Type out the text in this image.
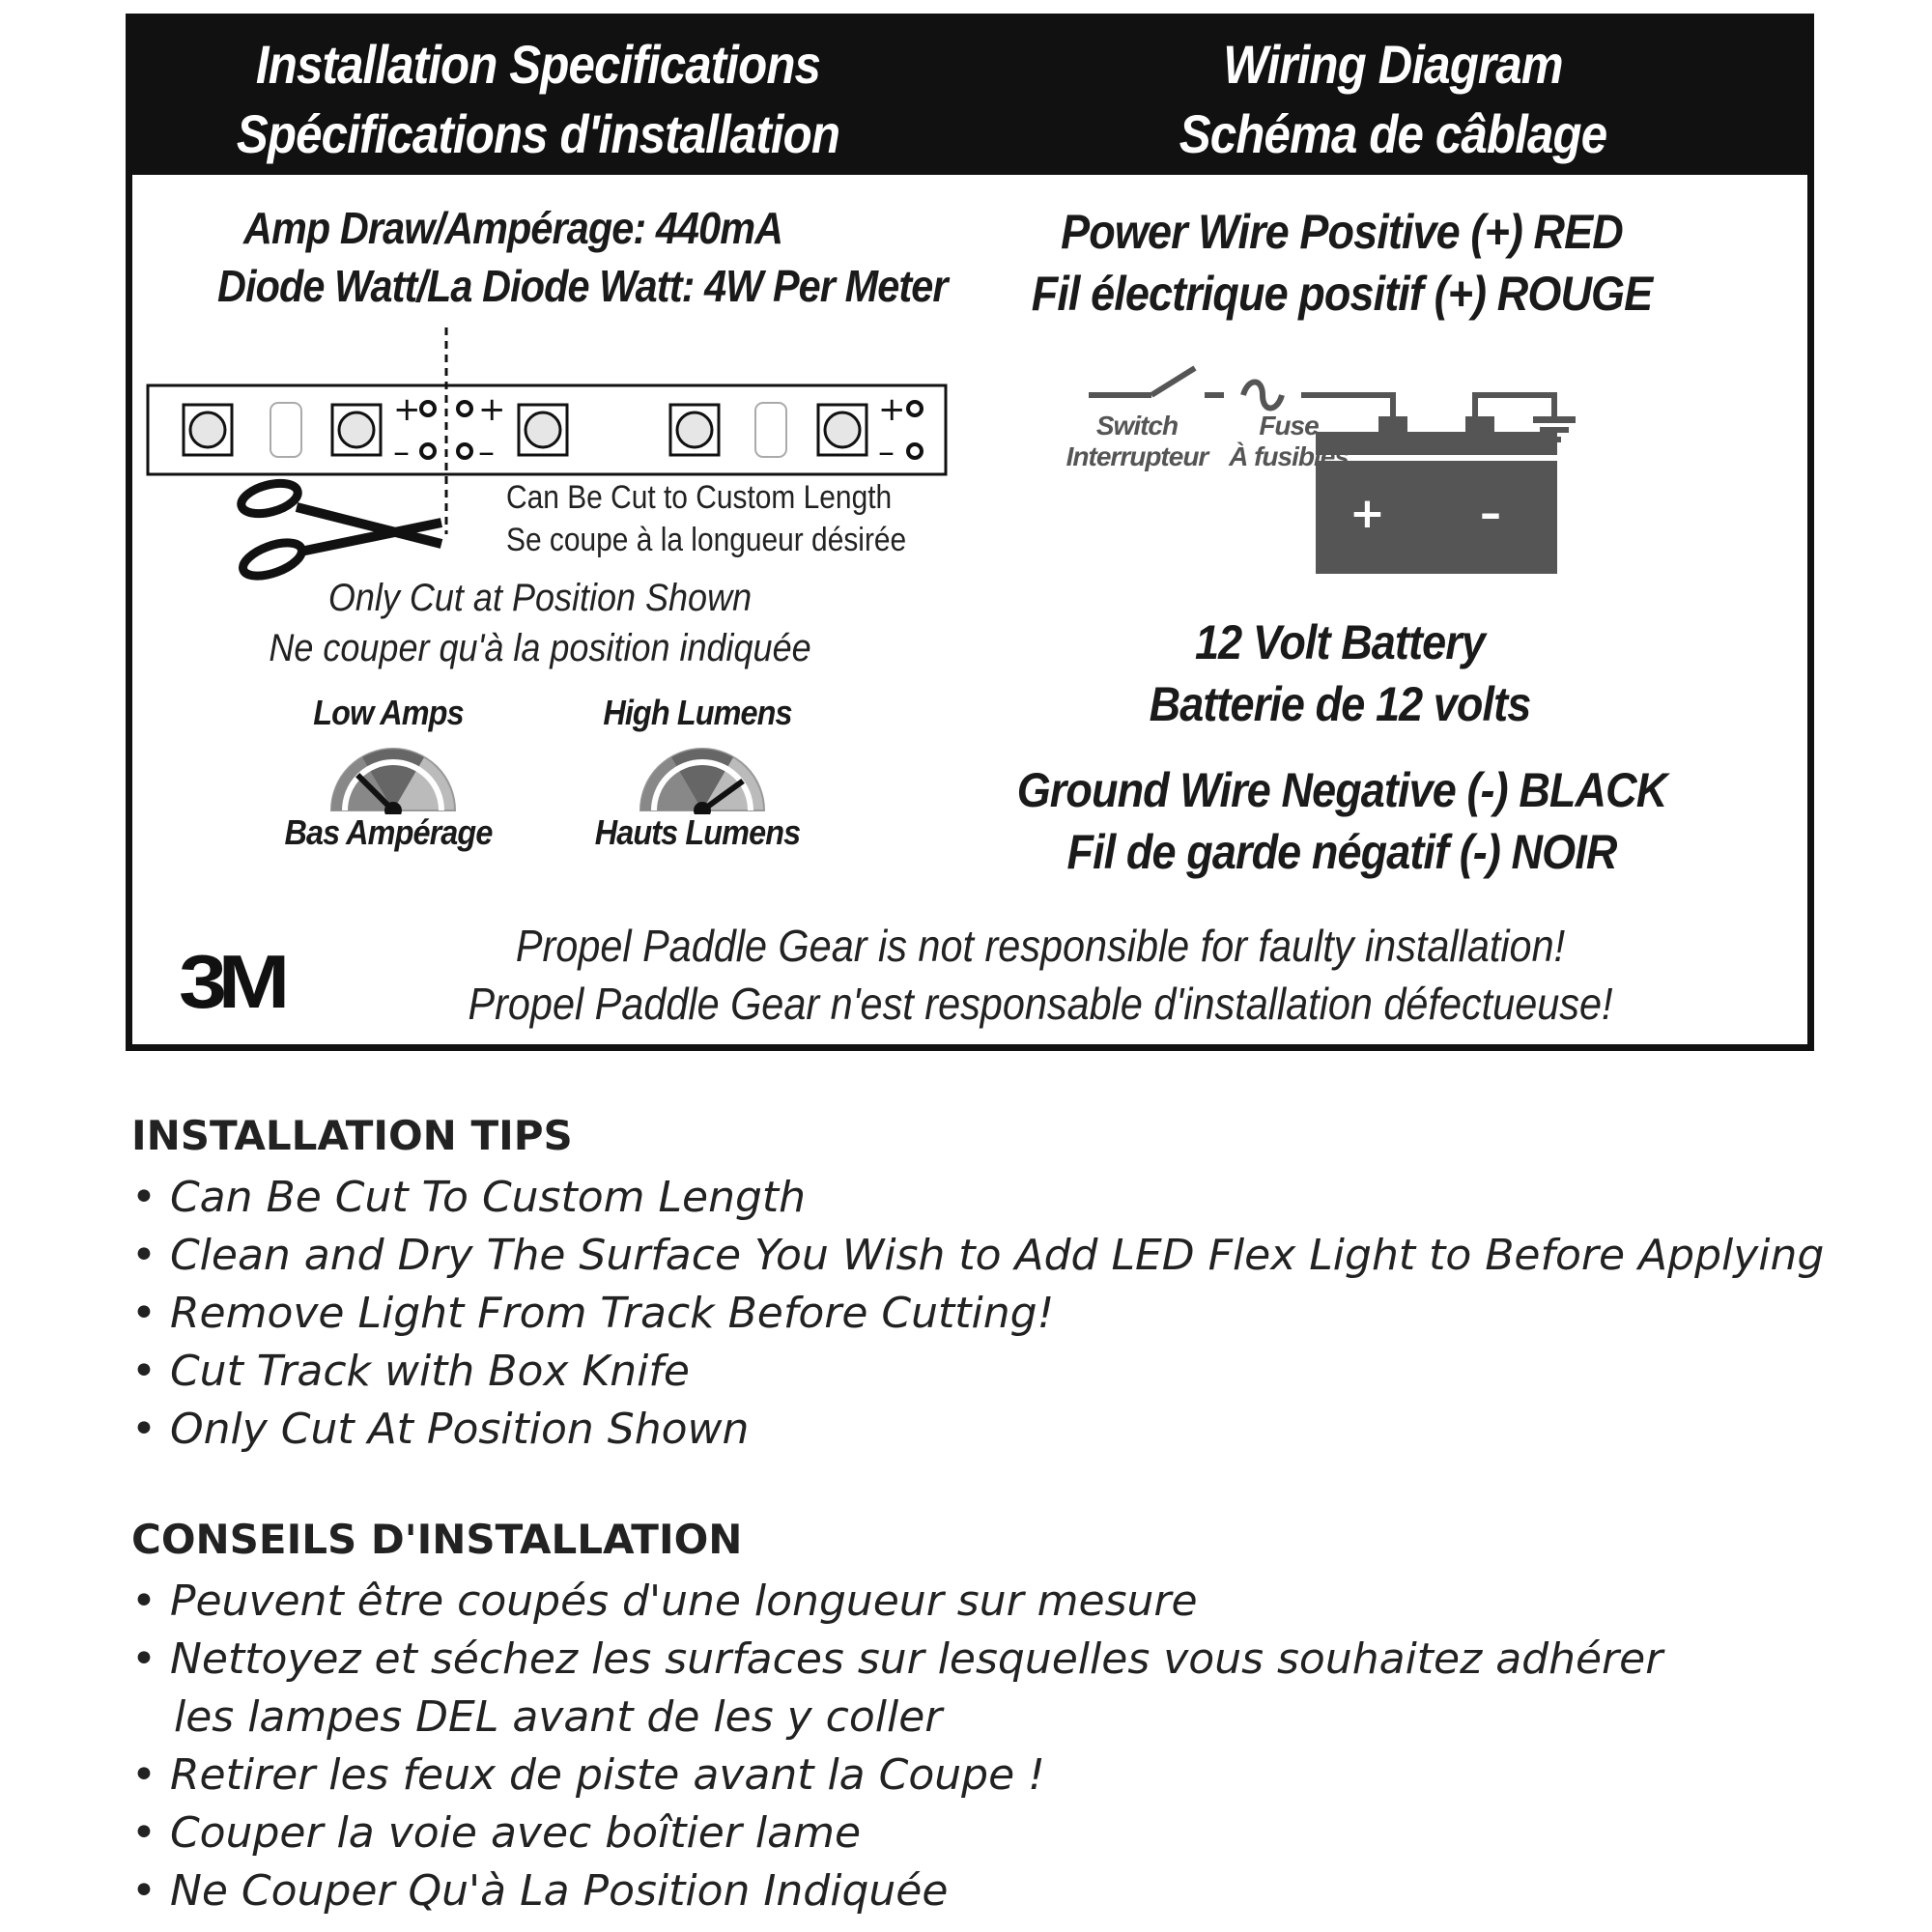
Installation Specifications
Spécifications d'installation
Wiring Diagram
Schéma de câblage
Amp Draw/Ampérage: 440mA
Diode Watt/La Diode Watt: 4W Per Meter
+
–
+
–
+
–
Can Be Cut to Custom Length
Se coupe à la longueur désirée
Only Cut at Position Shown
Ne couper qu'à la position indiquée
Low Amps	High Lumens
Bas Ampérage	Hauts Lumens
Power Wire Positive (+) RED
Fil électrique positif (+) ROUGE
+ –
Switch
Interrupteur
Fuse
À fusibles
12 Volt Battery
Batterie de 12 volts
Ground Wire Negative (-) BLACK
Fil de garde négatif (-) NOIR
3M	Propel Paddle Gear is not responsible for faulty installation!
Propel Paddle Gear n'est responsable d'installation défectueuse!
INSTALLATION TIPS
• Can Be Cut To Custom Length
• Clean and Dry The Surface You Wish to Add LED Flex Light to Before Applying
• Remove Light From Track Before Cutting!
• Cut Track with Box Knife
• Only Cut At Position Shown
CONSEILS D'INSTALLATION
• Peuvent être coupés d'une longueur sur mesure
• Nettoyez et séchez les surfaces sur lesquelles vous souhaitez adhérer
les lampes DEL avant de les y coller
• Retirer les feux de piste avant la Coupe !
• Couper la voie avec boîtier lame
• Ne Couper Qu'à La Position Indiquée
